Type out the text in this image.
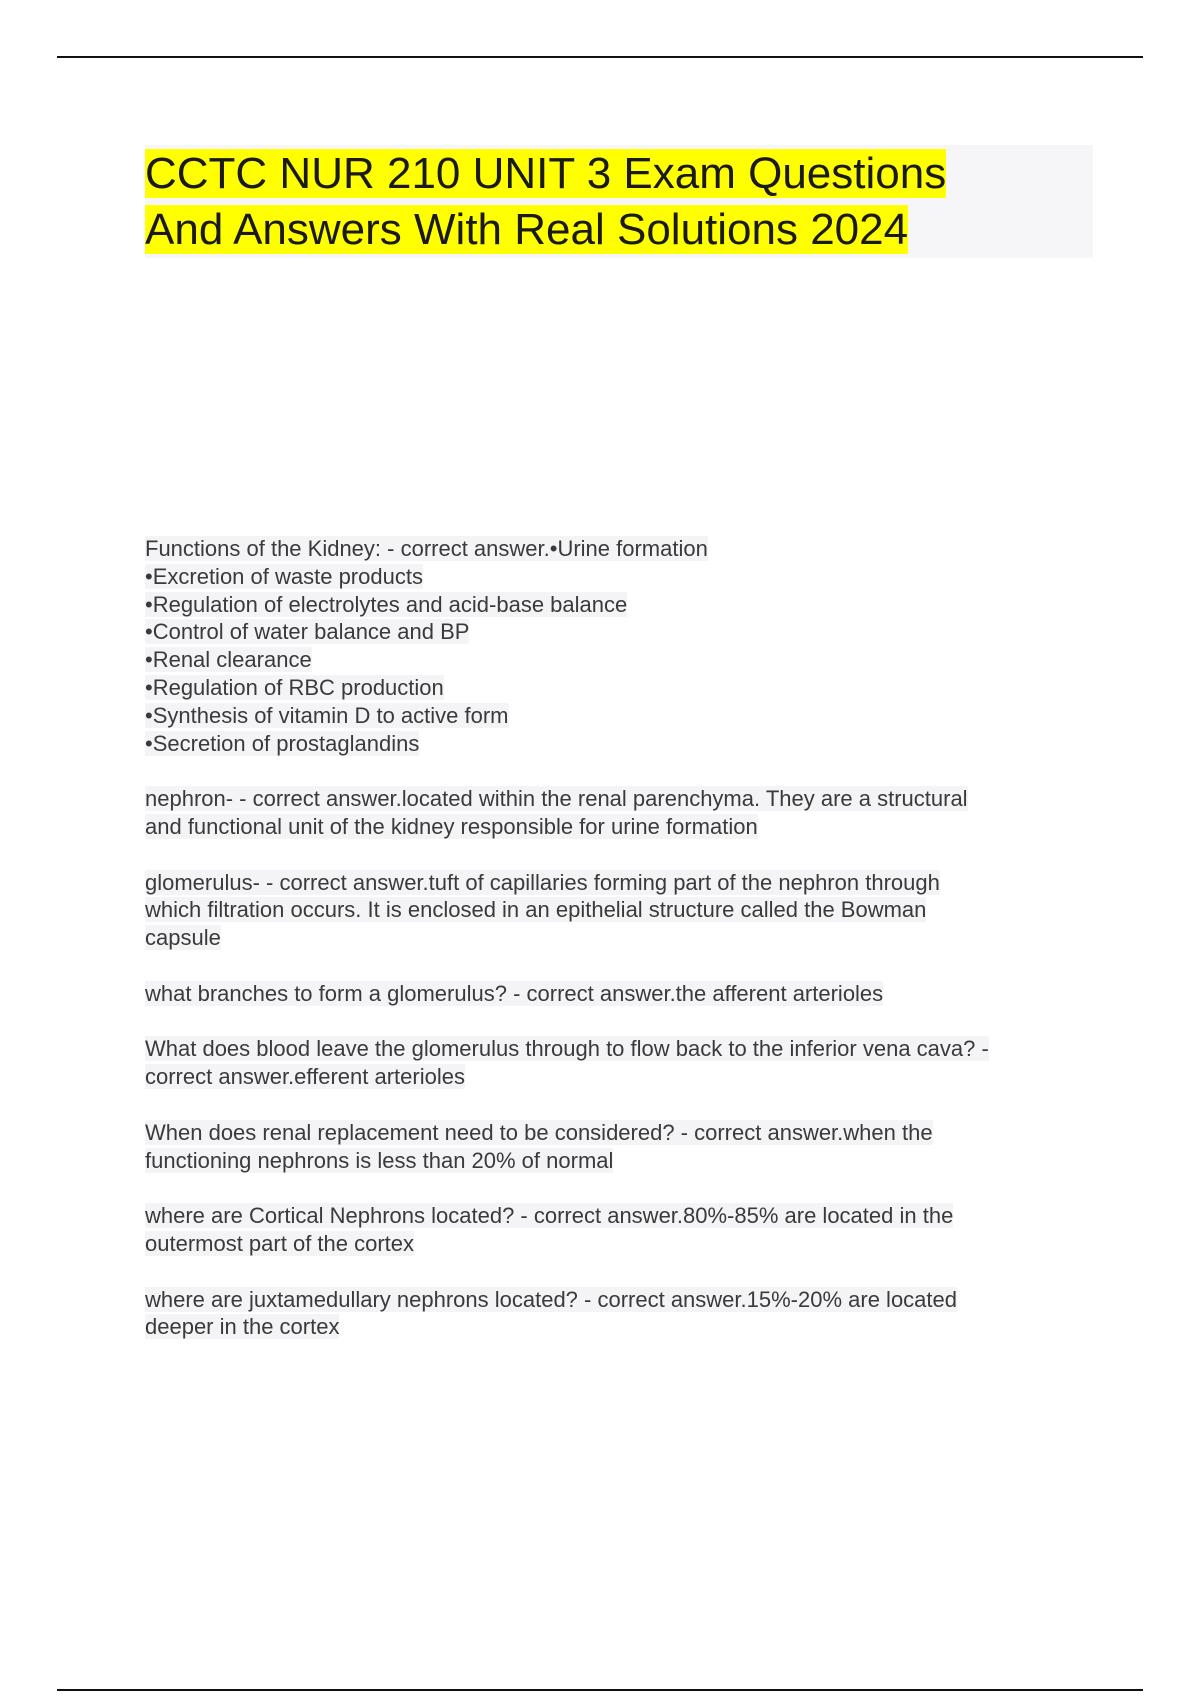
CCTC NUR 210 UNIT 3 Exam Questions
And Answers With Real Solutions 2024
Functions of the Kidney: - correct answer.•Urine formation
•Excretion of waste products
•Regulation of electrolytes and acid-base balance
•Control of water balance and BP
•Renal clearance
•Regulation of RBC production
•Synthesis of vitamin D to active form
•Secretion of prostaglandins
nephron- - correct answer.located within the renal parenchyma. They are a structural
and functional unit of the kidney responsible for urine formation
glomerulus- - correct answer.tuft of capillaries forming part of the nephron through
which filtration occurs. It is enclosed in an epithelial structure called the Bowman
capsule
what branches to form a glomerulus? - correct answer.the afferent arterioles
What does blood leave the glomerulus through to flow back to the inferior vena cava? -
correct answer.efferent arterioles
When does renal replacement need to be considered? - correct answer.when the
functioning nephrons is less than 20% of normal
where are Cortical Nephrons located? - correct answer.80%-85% are located in the
outermost part of the cortex
where are juxtamedullary nephrons located? - correct answer.15%-20% are located
deeper in the cortex
